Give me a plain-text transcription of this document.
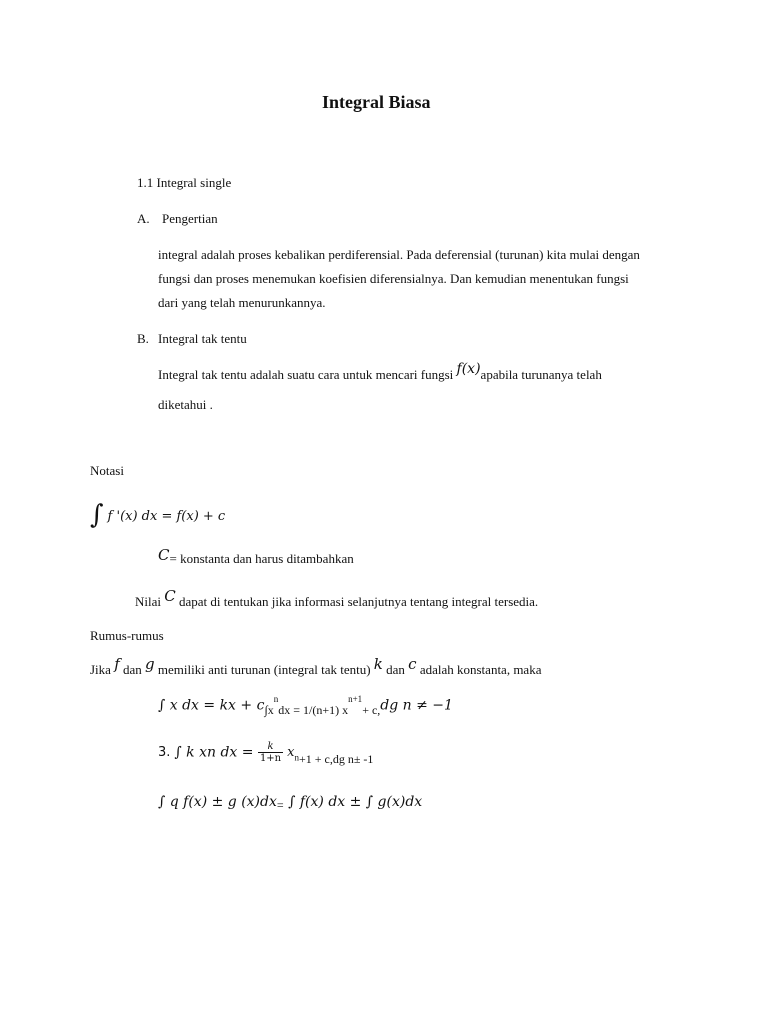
Integral Biasa
1.1 Integral single
A. Pengertian
integral adalah proses kebalikan perdiferensial. Pada deferensial (turunan) kita mulai dengan
fungsi dan proses menemukan koefisien diferensialnya. Dan kemudian menentukan fungsi
dari yang telah menurunkannya.
B. Integral tak tentu
Integral tak tentu adalah suatu cara untuk mencari fungsi f(x)apabila turunanya telah
diketahui .
Notasi
∫ f '(x) dx = f(x) + c
C= konstanta dan harus ditambahkan
Nilai C dapat di tentukan jika informasi selanjutnya tentang integral tersedia.
Rumus-rumus
Jika f dan g memiliki anti turunan (integral tak tentu) k dan c adalah konstanta, maka
∫ x dx = kx + $c_{\int x}^n_{dx = 1/(n+1) x}^{n+1}_{+ c,}dg$ n ≠ −1
3. ∫ k xn dx = $\frac{k}{1+n} x_{n+1 + c,dg n\pm -1}$
∫ q f(x) ± g (x)dx= ∫ f(x) dx ± ∫ g(x)dx
